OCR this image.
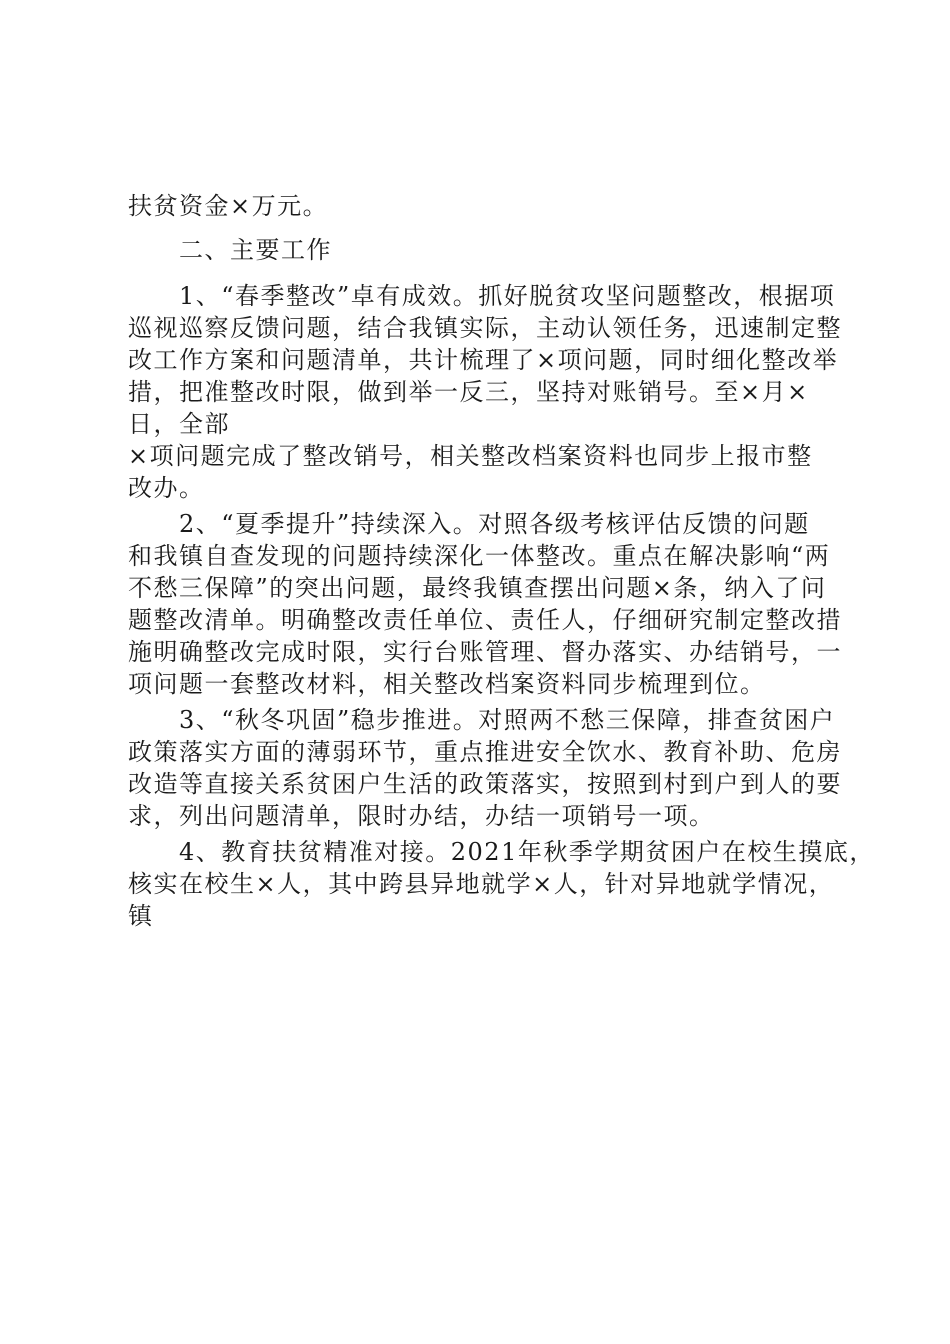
扶贫资金×万元。
　　二、主要工作
　　1、“春季整改”卓有成效。抓好脱贫攻坚问题整改，根据项
巡视巡察反馈问题，结合我镇实际，主动认领任务，迅速制定整
改工作方案和问题清单，共计梳理了×项问题，同时细化整改举
措，把准整改时限，做到举一反三，坚持对账销号。至×月×
日，全部
×项问题完成了整改销号，相关整改档案资料也同步上报市整
改办。
　　2、“夏季提升”持续深入。对照各级考核评估反馈的问题
和我镇自查发现的问题持续深化一体整改。重点在解决影响“两
不愁三保障”的突出问题，最终我镇查摆出问题×条，纳入了问
题整改清单。明确整改责任单位、责任人，仔细研究制定整改措
施明确整改完成时限，实行台账管理、督办落实、办结销号，一
项问题一套整改材料，相关整改档案资料同步梳理到位。
　　3、“秋冬巩固”稳步推进。对照两不愁三保障，排查贫困户
政策落实方面的薄弱环节，重点推进安全饮水、教育补助、危房
改造等直接关系贫困户生活的政策落实，按照到村到户到人的要
求，列出问题清单，限时办结，办结一项销号一项。
　　4、教育扶贫精准对接。2021年秋季学期贫困户在校生摸底，
核实在校生×人，其中跨县异地就学×人，针对异地就学情况，
镇
